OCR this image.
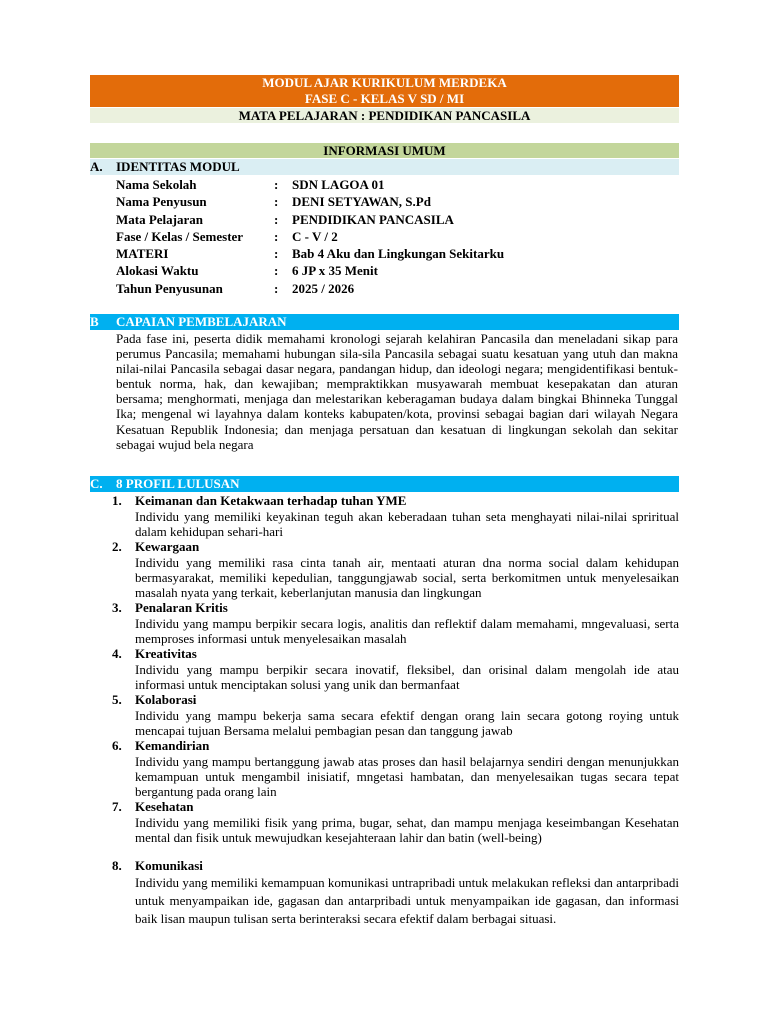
MODUL AJAR KURIKULUM MERDEKA
FASE C - KELAS V SD / MI
MATA PELAJARAN : PENDIDIKAN PANCASILA
INFORMASI UMUM
A. IDENTITAS MODUL
Nama Sekolah	: SDN LAGOA 01
Nama Penyusun	: DENI SETYAWAN, S.Pd
Mata Pelajaran	: PENDIDIKAN PANCASILA
Fase / Kelas / Semester : C - V / 2
MATERI	: Bab 4 Aku dan Lingkungan Sekitarku
Alokasi Waktu	: 6 JP x 35 Menit
Tahun Penyusunan	: 2025 / 2026
B CAPAIAN PEMBELAJARAN
Pada fase ini, peserta didik memahami kronologi sejarah kelahiran Pancasila dan meneladani sikap para perumus Pancasila; memahami hubungan sila-sila Pancasila sebagai suatu kesatuan yang utuh dan makna nilai-nilai Pancasila sebagai dasar negara, pandangan hidup, dan ideologi negara; mengidentifikasi bentuk-bentuk norma, hak, dan kewajiban; mempraktikkan musyawarah membuat kesepakatan dan aturan bersama; menghormati, menjaga dan melestarikan keberagaman budaya dalam bingkai Bhinneka Tunggal Ika; mengenal wi layahnya dalam konteks kabupaten/kota, provinsi sebagai bagian dari wilayah Negara Kesatuan Republik Indonesia; dan menjaga persatuan dan kesatuan di lingkungan sekolah dan sekitar sebagai wujud bela negara
C. 8 PROFIL LULUSAN
1. Keimanan dan Ketakwaan terhadap tuhan YME
Individu yang memiliki keyakinan teguh akan keberadaan tuhan seta menghayati nilai-nilai spriritual dalam kehidupan sehari-hari
2. Kewargaan
Individu yang memiliki rasa cinta tanah air, mentaati aturan dna norma social dalam kehidupan bermasyarakat, memiliki kepedulian, tanggungjawab social, serta berkomitmen untuk menyelesaikan masalah nyata yang terkait, keberlanjutan manusia dan lingkungan
3. Penalaran Kritis
Individu yang mampu berpikir secara logis, analitis dan reflektif dalam memahami, mngevaluasi, serta memproses informasi untuk menyelesaikan masalah
4. Kreativitas
Individu yang mampu berpikir secara inovatif, fleksibel, dan orisinal dalam mengolah ide atau informasi untuk menciptakan solusi yang unik dan bermanfaat
5. Kolaborasi
Individu yang mampu bekerja sama secara efektif dengan orang lain secara gotong roying untuk mencapai tujuan Bersama melalui pembagian pesan dan tanggung jawab
6. Kemandirian
Individu yang mampu bertanggung jawab atas proses dan hasil belajarnya sendiri dengan menunjukkan kemampuan untuk mengambil inisiatif, mngetasi hambatan, dan menyelesaikan tugas secara tepat bergantung pada orang lain
7. Kesehatan
Individu yang memiliki fisik yang prima, bugar, sehat, dan mampu menjaga keseimbangan Kesehatan mental dan fisik untuk mewujudkan kesejahteraan lahir dan batin (well-being)
8. Komunikasi
Individu yang memiliki kemampuan komunikasi untrapribadi untuk melakukan refleksi dan antarpribadi untuk menyampaikan ide, gagasan dan antarpribadi untuk menyampaikan ide gagasan, dan informasi baik lisan maupun tulisan serta berinteraksi secara efektif dalam berbagai situasi.
